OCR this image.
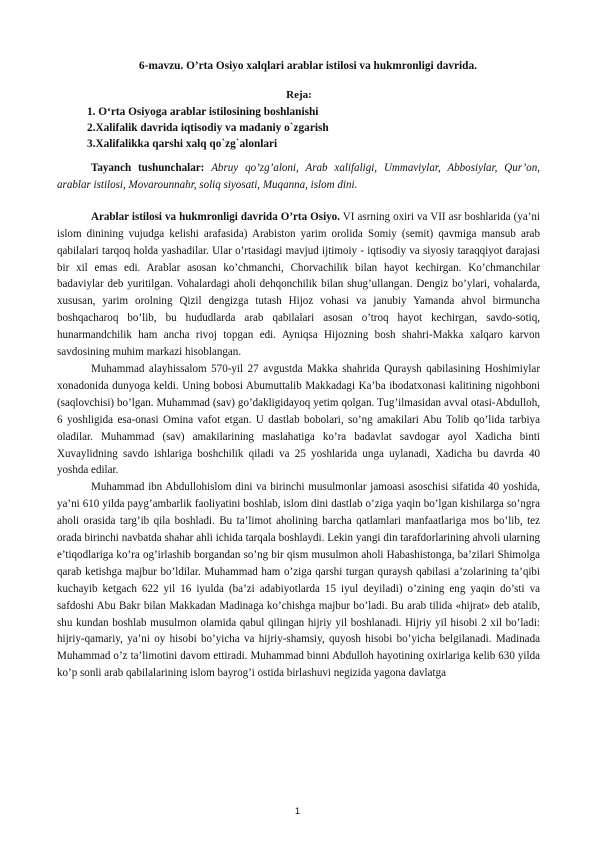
6-mavzu. O’rta Osiyo xalqlari arablar istilosi va hukmronligi davrida.
Reja:
1. O‘rta Osiyoga arablar istilosining boshlanishi
2.Xalifalik davrida iqtisodiy va madaniy o`zgarish
3.Xalifalikka qarshi xalq qo`zg`alonlari

Tayanch tushunchalar: Abruy qo’zg’aloni, Arab xalifaligi, Ummaviylar, Abbosiylar, Qur’on, arablar istilosi, Movarounnahr, soliq siyosati, Muqanna, islom dini.

Arablar istilosi va hukmronligi davrida O’rta Osiyo. VI asrning oxiri va VII asr boshlarida (ya’ni islom dinining vujudga kelishi arafasida) Arabiston yarim orolida Somiy (semit) qavmiga mansub arab qabilalari tarqoq holda yashadilar. Ular o’rtasidagi mavjud ijtimoiy - iqtisodiy va siyosiy taraqqiyot darajasi bir xil emas edi. Arablar asosan ko’chmanchi, Chorvachilik bilan hayot kechirgan. Ko’chmanchilar badaviylar deb yuritilgan. Vohalardagi aholi dehqonchilik bilan shug’ullangan. Dengiz bo’ylari, vohalarda, xususan, yarim orolning Qizil dengizga tutash Hijoz vohasi va janubiy Yamanda ahvol birmuncha boshqacharoq bo’lib, bu hududlarda arab qabilalari asosan o’troq hayot kechirgan, savdo-sotiq, hunarmandchilik ham ancha rivoj topgan edi. Ayniqsa Hijozning bosh shahri-Makka xalqaro karvon savdosining muhim markazi hisoblangan.

Muhammad alayhissalom 570-yil 27 avgustda Makka shahrida Quraysh qabilasining Hoshimiylar xonadonida dunyoga keldi. Uning bobosi Abumuttalib Makkadagi Ka’ba ibodatxonasi kalitining nigohboni (saqlovchisi) bo’lgan. Muhammad (sav) go’dakligidayoq yetim qolgan. Tug’ilmasidan avval otasi-Abdulloh, 6 yoshligida esa-onasi Omina vafot etgan. U dastlab bobolari, so’ng amakilari Abu Tolib qo’lida tarbiya oladilar. Muhammad (sav) amakilarining maslahatiga ko’ra badavlat savdogar ayol Xadicha binti Xuvaylidning savdo ishlariga boshchilik qiladi va 25 yoshlarida unga uylanadi, Xadicha bu davrda 40 yoshda edilar.

Muhammad ibn Abdullohislom dini va birinchi musulmonlar jamoasi asoschisi sifatida 40 yoshida, ya’ni 610 yilda payg’ambarlik faoliyatini boshlab, islom dini dastlab o’ziga yaqin bo’lgan kishilarga so’ngra aholi orasida targ’ib qila boshladi. Bu ta’limot aholining barcha qatlamlari manfaatlariga mos bo’lib, tez orada birinchi navbatda shahar ahli ichida tarqala boshlaydi. Lekin yangi din tarafdorlarining ahvoli ularning e’tiqodlariga ko’ra og’irlashib borgandan so’ng bir qism musulmon aholi Habashistonga, ba’zilari Shimolga qarab ketishga majbur bo’ldilar. Muhammad ham o’ziga qarshi turgan quraysh qabilasi a’zolarining ta’qibi kuchayib ketgach 622 yil 16 iyulda (ba’zi adabiyotlarda 15 iyul deyiladi) o’zining eng yaqin do’sti va safdoshi Abu Bakr bilan Makkadan Madinaga ko’chishga majbur bo’ladi. Bu arab tilida «hijrat» deb atalib, shu kundan boshlab musulmon olamida qabul qilingan hijriy yil boshlanadi. Hijriy yil hisobi 2 xil bo’ladi: hijriy-qamariy, ya’ni oy hisobi bo’yicha va hijriy-shamsiy, quyosh hisobi bo’yicha belgilanadi. Madinada Muhammad o’z ta’limotini davom ettiradi. Muhammad binni Abdulloh hayotining oxirlariga kelib 630 yilda ko’p sonli arab qabilalarining islom bayrog’i ostida birlashuvi negizida yagona davlatga

1
